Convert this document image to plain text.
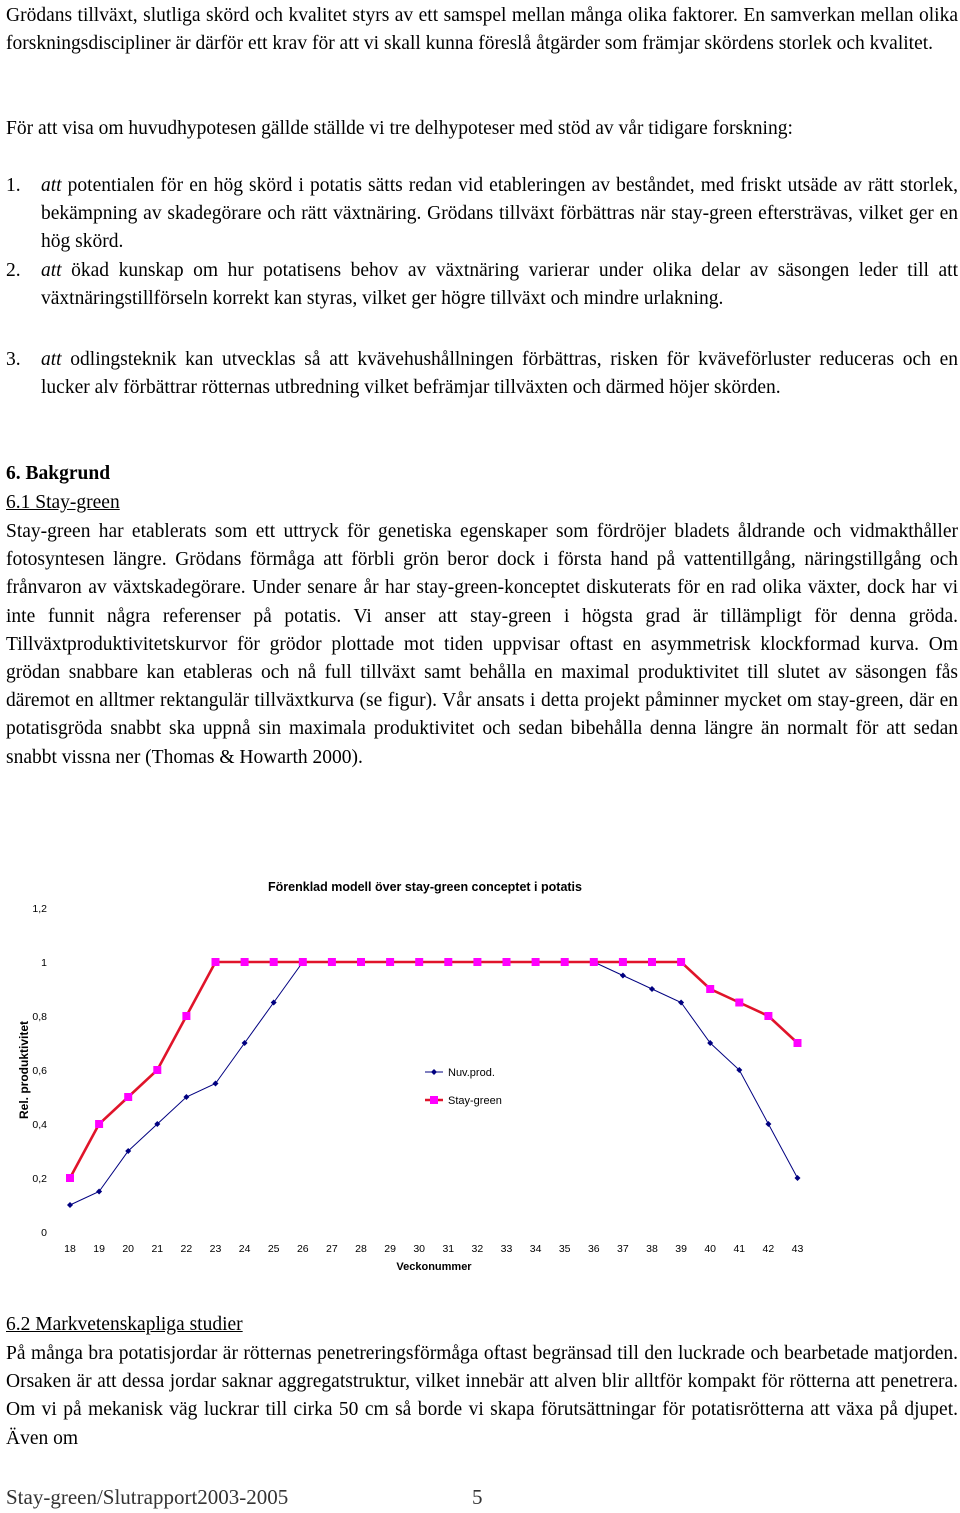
Grödans tillväxt, slutliga skörd och kvalitet styrs av ett samspel mellan många olika faktorer. En samverkan mellan olika forskningsdiscipliner är därför ett krav för att vi skall kunna föreslå åtgärder som främjar skördens storlek och kvalitet.

För att visa om huvudhypotesen gällde ställde vi tre delhypoteser med stöd av vår tidigare forskning:

1. att potentialen för en hög skörd i potatis sätts redan vid etableringen av beståndet, med friskt utsäde av rätt storlek, bekämpning av skadegörare och rätt växtnäring. Grödans tillväxt förbättras när stay-green eftersträvas, vilket ger en hög skörd.
2. att ökad kunskap om hur potatisens behov av växtnäring varierar under olika delar av säsongen leder till att växtnäringstillförseln korrekt kan styras, vilket ger högre tillväxt och mindre urlakning.
3. att odlingsteknik kan utvecklas så att kvävehushållningen förbättras, risken för kväveförluster reduceras och en lucker alv förbättrar rötternas utbredning vilket befrämjar tillväxten och därmed höjer skörden.
6. Bakgrund
6.1 Stay-green

Stay-green har etablerats som ett uttryck för genetiska egenskaper som fördröjer bladets åldrande och vidmakthåller fotosyntesen längre. Grödans förmåga att förbli grön beror dock i första hand på vattentillgång, näringstillgång och frånvaron av växtskadegörare. Under senare år har stay-green-konceptet diskuterats för en rad olika växter, dock har vi inte funnit några referenser på potatis. Vi anser att stay-green i högsta grad är tillämpligt för denna gröda. Tillväxtproduktivitetskurvor för grödor plottade mot tiden uppvisar oftast en asymmetrisk klockformad kurva. Om grödan snabbare kan etableras och nå full tillväxt samt behålla en maximal produktivitet till slutet av säsongen fås däremot en alltmer rektangulär tillväxtkurva (se figur). Vår ansats i detta projekt påminner mycket om stay-green, där en potatisgröda snabbt ska uppnå sin maximala produktivitet och sedan bibehålla denna längre än normalt för att sedan snabbt vissna ner (Thomas & Howarth 2000).

Förenklad modell över stay-green conceptet i potatis
0
0,2
0,4
0,6
0,8
1
1,2
18 19 20 21 22 23 24 25 26 27 28 29 30 31 32 33 34 35 36 37 38 39 40 41 42 43
Rel. produktivitet
Veckonummer
Nuv.prod.
Stay-green
6.2 Markvetenskapliga studier

På många bra potatisjordar är rötternas penetreringsförmåga oftast begränsad till den luckrade och bearbetade matjorden. Orsaken är att dessa jordar saknar aggregatstruktur, vilket innebär att alven blir alltför kompakt för rötterna att penetrera. Om vi på mekanisk väg luckrar till cirka 50 cm så borde vi skapa förutsättningar för potatisrötterna att växa på djupet. Även om

Stay-green/Slutrapport2003-2005	5
